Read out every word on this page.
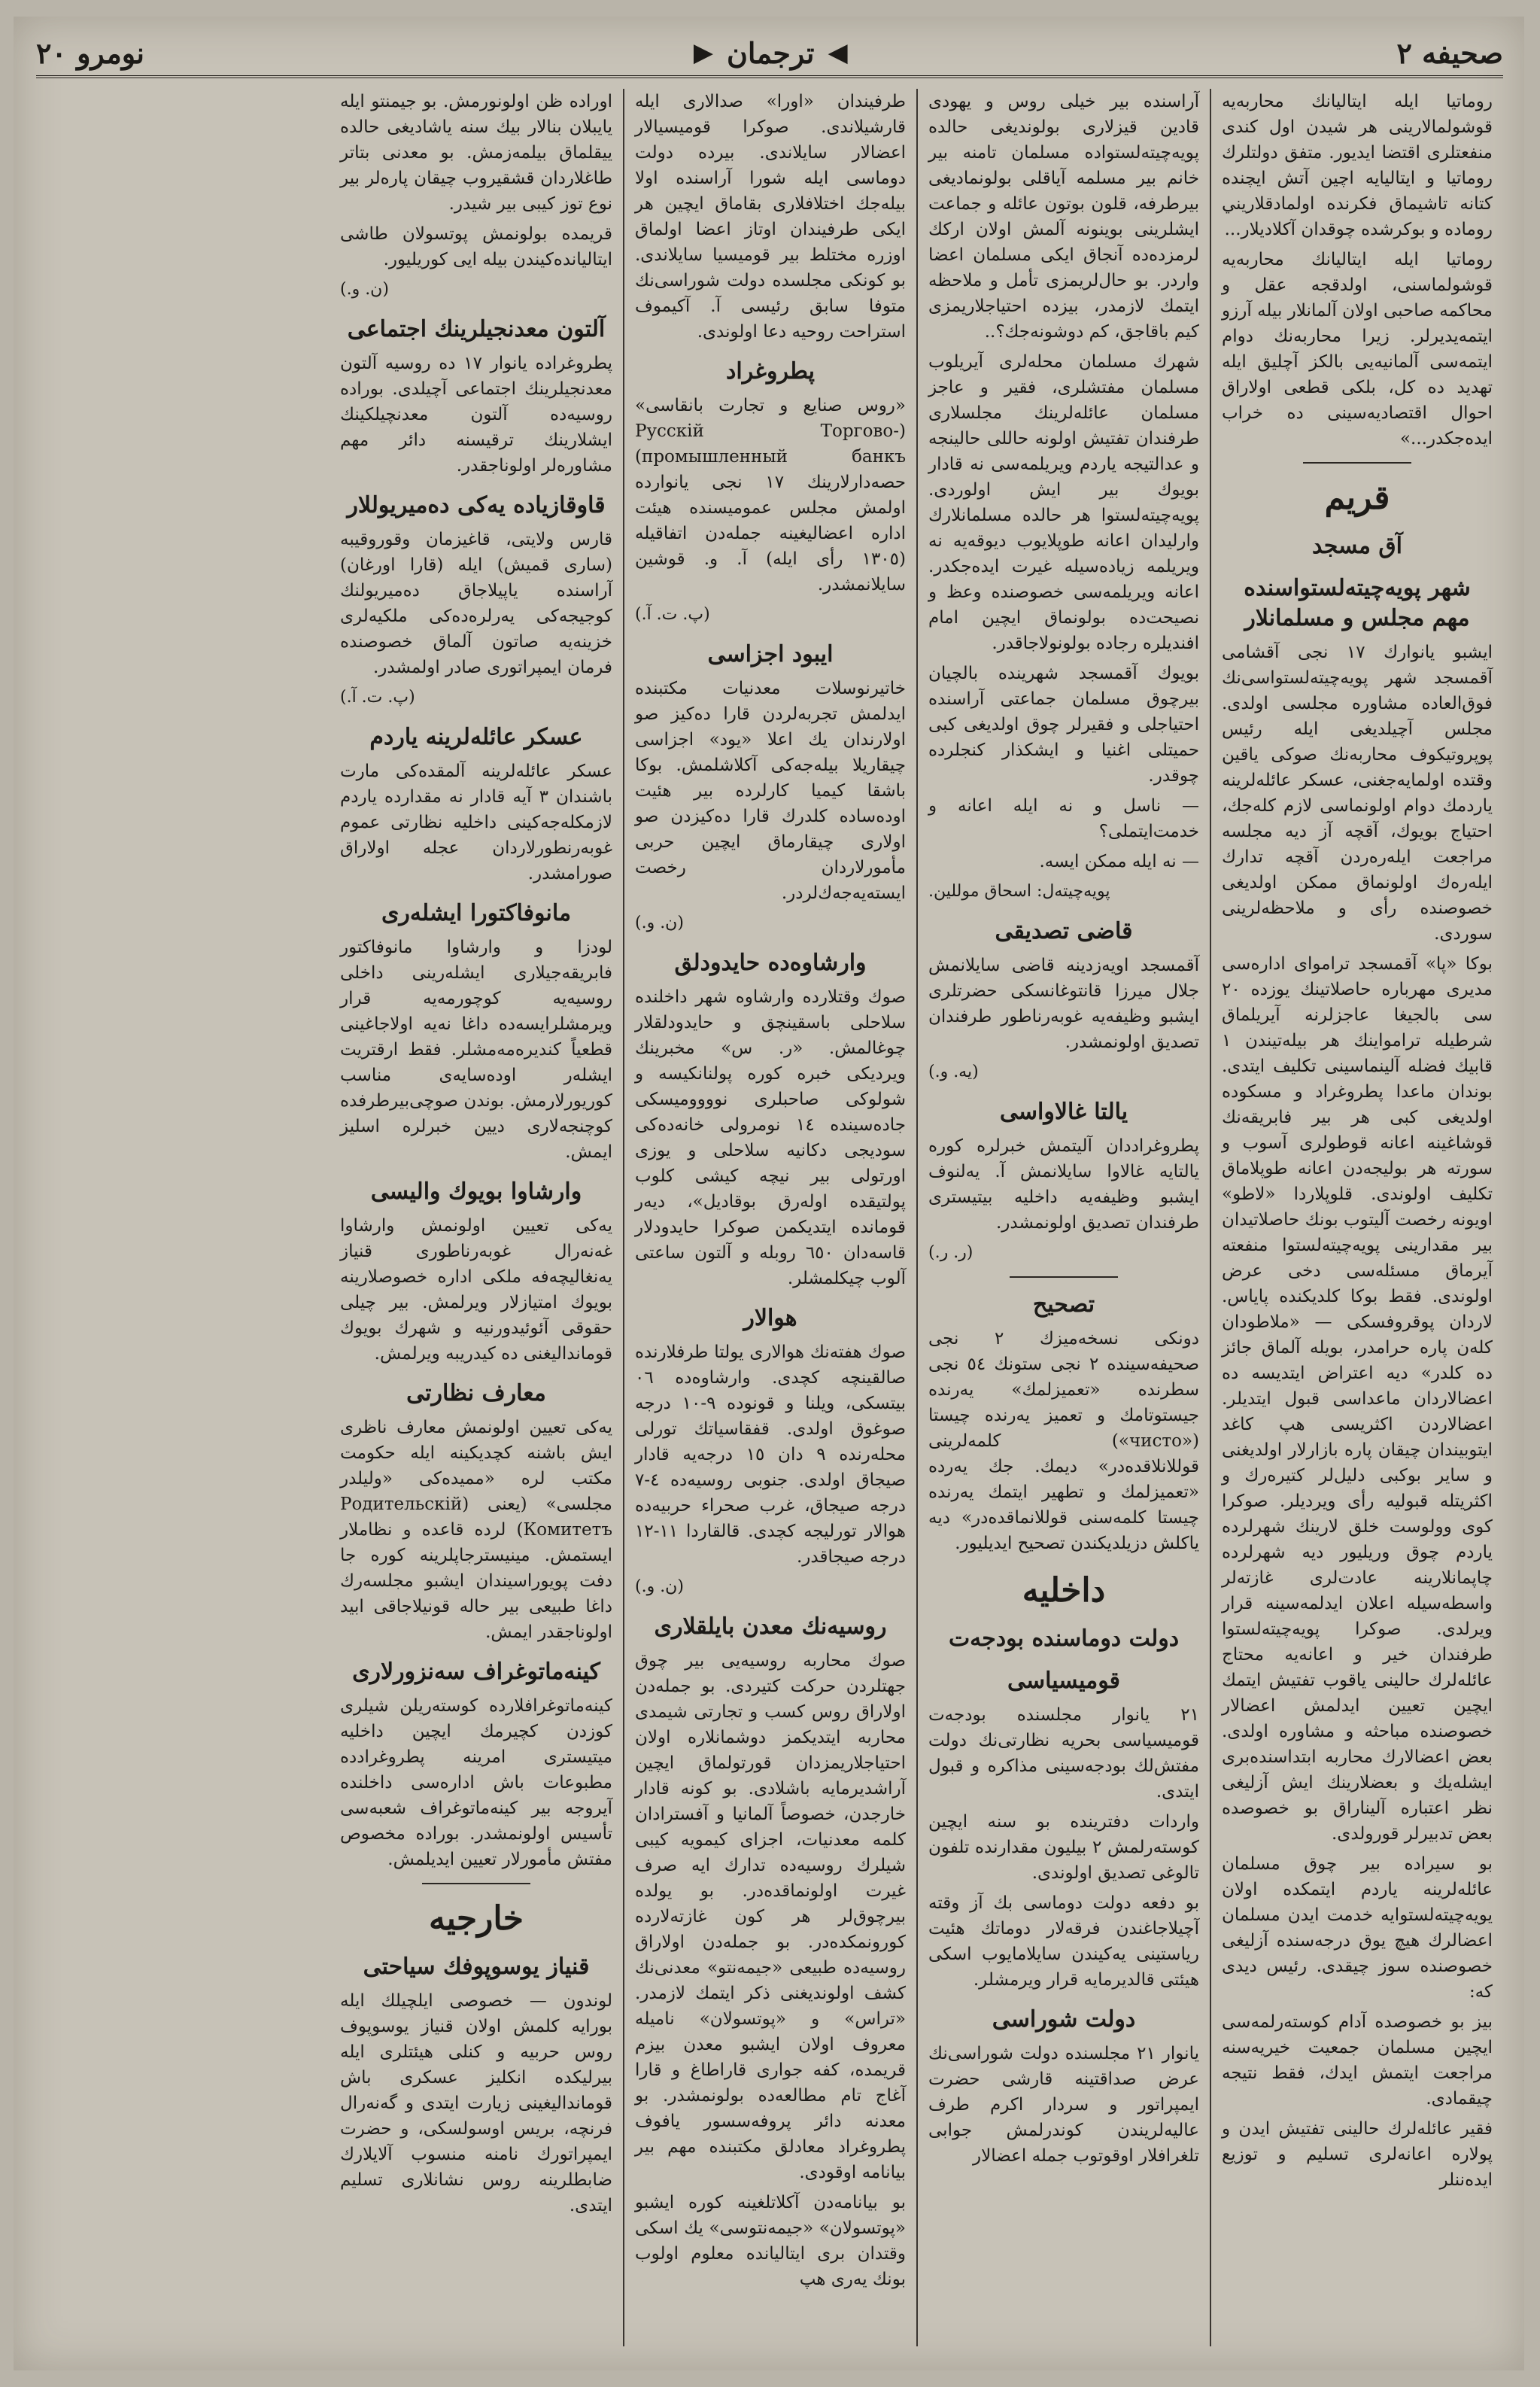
صحيفه ٢
◀
ترجمان
▶
نومرو ٢٠

روماتيا ايله ايتاليانك محاربه‌يه قوشولمالارينى هر شيدن اول كندى منفعتلرى اقتضا ايديور. متفق دولتلرك روماتيا و ايتاليايه اچين آتش ايچنده كتانه تاشيماق فكرنده اولمادقلاريني روماده و بوكرشده چوقدان آكلاديلار...

روماتيا ايله ايتاليانك محاربه‌يه قوشولماسنى، اولدقجه عقل و محاكمه صاحبى اولان آلمانلار بيله آرزو ايتمه‌يديرلر. زيرا محاربه‌نك دوام ايتمه‌سى آلمانيه‌يى بالكز آچليق ايله تهديد ده كل، بلكى قطعى اولاراق احوال اقتصاديه‌سينى ده خراب ايده‌جكدر...»

قريم
آق مسجد
شهر پويه‌چيته‌لستواسنده مهم مجلس و مسلمانلار

ايشبو يانوارك ١٧ نجى آقشامى آقمسجد شهر پويه‌چيته‌لستواسى‌نك فوق‌العاده مشاوره مجلسى اولدى. مجلس آچيلديغى ايله رئيس پوپروتيكوف محاربه‌نك صوكى ياقين وقتده اولمايه‌جغنى، عسكر عائله‌لرينه ياردمك دوام اولونماسى لازم كله‌جك، احتياج بويوك، آقچه آز ديه مجلسه مراجعت ايله‌ره‌ردن آقچه تدارك ايله‌ره‌ك اولونماق ممكن اولديغى خصوصنده رأى و ملاحظه‌لرينى سوردى.

بوكا «پا» آقمسجد ترامواى اداره‌سى مديرى مهرباره حاصلاتينك يوزده ٢٠ سى بالجيغا عاجزلرنه آيريلماق شرطيله ترامواينك هر بيله‌تيندن ١ قابيك فضله آلينماسينى تكليف ايتدى. بوندان ماعدا پطروغراد و مسكوده اولديغى كبى هر بير فابريقه‌نك قوشاغينه اعانه قوطولرى آسوب و سورته هر بوليجه‌دن اعانه طوپلاماق تكليف اولوندى. قلوپلاردا «لاطو» اويونه رخصت آليتوب بونك حاصلاتيدان بير مقدارينى پويه‌چيته‌لستوا منفعته آيرماق مسئله‌سى دخى عرض اولوندى. فقط بوكا كلديكنده پاياس. لاردان پوقروفسكى — «ملاطودان كله‌ن پاره حرامدر، بويله آلماق جائز ده كلدر» ديه اعتراض ايتديسه ده اعضالاردان ماعداسى قبول ايتديلر. اعضالاردن اكثريسى هپ كاغد ايتوبيندان چيقان پاره بازارلار اولديغنى و ساير بوكبى دليل‌لر كتيره‌رك و اكثريتله قبوليه رأى ويرديلر. صوكرا كوى وولوست خلق لارينك شهرلرده ياردم چوق وريليور ديه شهرلرده چاپمانلارينه عادت‌لرى غازته‌لر واسطه‌سيله اعلان ايدلمه‌سينه قرار ويرلدى. صوكرا پويه‌چيته‌لستوا طرفندان خير و اعانه‌يه محتاج عائله‌لرك حالينى ياقوب تفتيش ايتمك ايچين تعيين ايدلمش اعضالار خصوصنده مباحثه و مشاوره اولدى. بعض اعضالارك محاربه ابتداسنده‌برى ايشله‌يك و بعضلارينك ايش آزليغى نظر اعتباره آليناراق بو خصوصده بعض تدبيرلر قورولدى.

بو سيراده بير چوق مسلمان عائله‌لرينه ياردم ايتمكده اولان يويه‌چيته‌لستوايه خدمت ايدن مسلمان اعضالرك هيچ يوق درجه‌سنده آزليغى خصوصنده سوز چيقدى. رئيس ديدى كه:

بيز بو خصوصده آدام كوسته‌رلمه‌سى ايچين مسلمان جمعيت خيريه‌سنه مراجعت ايتمش ايدك، فقط نتيجه چيقمادى.

فقير عائله‌لرك حالينى تفتيش ايدن و پولاره اعانه‌لرى تسليم و توزيع ايده‌ننلر

آراسنده بير خيلى روس و يهودى قادين قيزلارى بولونديغى حالده پويه‌چيته‌لستواده مسلمان تامنه بير خانم بير مسلمه آياقلى بولونماديغى بيرطرفه، قلون بوتون عائله و جماعت ايشلرينى بوينونه آلمش اولان اركك لرمزده‌ده آنجاق ايكى مسلمان اعضا واردر. بو حال‌لريمزى تأمل و ملاحظه ايتمك لازمدر، بيزده احتياجلاريمزى كيم باقاجق، كم دوشونه‌جك؟..

شهرك مسلمان محله‌لرى آيريلوب مسلمان مفتشلرى، فقير و عاجز مسلمان عائله‌لرينك مجلسلارى طرفندان تفتيش اولونه حاللى حالينجه و عدالتيجه ياردم ويريلمه‌سى نه قادار بويوك بير ايش اولوردى. پويه‌چيته‌لستوا هر حالده مسلمانلارك وارليدان اعانه طوپلايوب ديوقه‌يه نه ويريلمه زياده‌سيله غيرت ايده‌جكدر. اعانه ويريلمه‌سى خصوصنده وعظ و نصيحت‌ده بولونماق ايچين امام افنديلره رجاده بولونولاجاقدر.

بويوك آقمسجد شهرينده بالچيان بيرچوق مسلمان جماعتى آراسنده احتياجلى و فقيرلر چوق اولديغى كبى حميتلى اغنيا و ايشكذار كنجلرده چوقدر.

— ناسل و نه ايله اعانه و خدمت‌ايتملى؟

— نه ايله ممكن ايسه.

پويه‌چيته‌ل: اسحاق موللين.

قاضى تصديقى

آقمسجد اويه‌زدينه قاضى سايلانمش جلال ميرزا قانتوغانسكى حضرتلرى ايشبو وظيفه‌يه غوبه‌رناطور طرفندان تصديق اولونمشدر.

(يه. و.)

يالتا غالاواسى

پطروغراددان آليتمش خبرلره كوره يالتايه غالاوا سايلانمش آ. يه‌لنوف ايشبو وظيفه‌يه داخليه بيتيسترى طرفندان تصديق اولونمشدر.

(ر. ر.)

تصحيح

دونكى نسخه‌ميزك ٢ نجى صحيفه‌سينده ٢ نجى ستونك ٥٤ نجى سطرنده «تعميزلمك» يه‌رنده جيستوتامك و تعميز يه‌رنده چيستا («чисто») كلمه‌لرينى قوللانلاقده‌در» ديمك. جك يه‌رده «تعميزلمك و تطهير ايتمك يه‌رنده چيستا كلمه‌سنى قوللانماقده‌در» ديه ياكلش دزيلديكندن تصحيح ايديليور.

داخليه
دولت دوماسنده بودجه‌ت
قوميسياسى

٢١ يانوار مجلسنده بودجه‌ت قوميسياسى بحريه نظارتى‌نك دولت مفتش‌لك بودجه‌سينى مذاكره و قبول ايتدى.

واردات دفترينده بو سنه ايچين كوسته‌رلمش ٢ بيليون مقدارنده تلفون تالوغى تصديق اولوندى.

بو دفعه دولت دوماسى بك آز وقته آچيلاجاغندن فرقه‌لار دوماتك هئيت رياستينى يه‌كيندن سايلامايوب اسكى هيئتى قالديرمايه قرار ويرمشلر.

دولت شوراسى

يانوار ٢١ مجلسنده دولت شوراسى‌نك عرض صداقتينه قارشى حضرت ايمپراتور و سردار اكرم طرف عاليه‌لريندن كوندرلمش جوابى تلغرافلار اوقوتوب جمله اعضالار

طرفيندان «اورا» صدالارى ايله قارشيلاندى. صوكرا قوميسيالار اعضالار سايلاندى. بيرده دولت دوماسى ايله شورا آراسنده اولا بيله‌جك اختلافلارى بقاماق ايچين هر ايكى طرفيندان اوتاز اعضا اولماق اوزره مختلط بير قوميسيا سايلاندى. بو كونكى مجلسده دولت شوراسى‌نك متوفا سابق رئيسى آ. آكيموف استراحت روحيه دعا اولوندى.

پطروغراد

«روس صنايع و تجارت بانقاسى» (Русскiй Торгово-промышленный банкъ) حصه‌دارلارينك ١٧ نجى يانوارده اولمش مجلس عموميسنده هيئت اداره اعضاليغينه جمله‌دن اتفاقيله (١٣٠٥ رأى ايله) آ. و. قوشين سايلانمشدر.

(پ. ت. آ.)

ايبود اجزاسى

خاتيرنوسلات معدنيات مكتبنده ايدلمش تجربه‌لردن قارا ده‌كيز صو اولارندان يك اعلا «يود» اجزاسى چيقاريلا بيله‌جه‌كى آكلاشلمش. بوكا باشقا كيميا كارلرده بير هئيت اوده‌ساده كلدرك قارا ده‌كيزدن صو اولارى چيقارماق ايچين حربى مأمورلاردان رخصت ايسته‌يه‌جه‌ك‌لردر.

(ن. و.)

وارشاوه‌ده حايدودلق

صوك وقتلارده وارشاوه شهر داخلنده سلاحلى باسقينچق و حايدودلقلار چوغالمش. «ر. س» مخبرينك ويرديكى خبره كوره پولنانكيسه و شولوكى صاحبلرى نووووميسكى جاده‌سينده ١٤ نومرولى خانه‌ده‌كى سوديجى دكانيه سلاحلى و يوزى اورتولى بير نيچه كيشى كلوب پولتيقده اوله‌رق بوقاديل»، ديه‌ر قومانده ايتديكمن صوكرا حايدودلار قاسه‌دان ٦٥٠ روبله و آلتون ساعتى آلوب چيكلمشلر.

هوالار

صوك هفته‌نك هوالارى يولتا طرفلارنده صالقينچه كچدى. وارشاوه‌ده ٠٦ بيتسكى، ويلنا و قونوده ٩-١٠ درجه صوغوق اولدى. قفقاسياتك تورلى محله‌رنده ٩ دان ١٥ درجه‌يه قادار صيجاق اولدى. جنوبى روسيه‌ده ٤-٧ درجه صيجاق، غرب صحراء حربيه‌ده هوالار تورليجه كچدى. قالقاردا ١١-١٢ درجه صيجاقدر.

(ن. و.)

روسيه‌نك معدن بايلقلارى

صوك محاربه روسيه‌يى بير چوق جهتلردن حركت كتيردى. بو جمله‌دن اولاراق روس كسب و تجارتى شيمدى محاربه ايتديكمز دوشمانلاره اولان احتياجلاريمزدان قورتولماق ايچين آراشديرمايه باشلادى. بو كونه قادار خارجدن، خصوصاً آلمانيا و آفسترادان كلمه معدنيات، اجزاى كيمويه كيبى شيلرك روسيه‌ده تدارك ايه صرف غيرت اولونماقده‌در. بو يولده بيرچوق‌لر هر كون غازته‌لارده كورونمكده‌در. بو جمله‌دن اولاراق روسيه‌ده طبيعى «جيمه‌نتو» معدنى‌نك كشف اولونديغنى ذكر ايتمك لازمدر. «تراس» و «پوتسولان» ناميله معروف اولان ايشبو معدن بيزم قريمده، كفه جوارى قاراطاغ و قارا آغاج تام مطالعه‌ده بولونمشدر. بو معدنه دائر پروفه‌سسور يافوف پطروغراد معادلق مكتبنده مهم بير بيانامه اوقودى.

بو بيانامه‌دن آكلاتلغينه كوره ايشبو «پوتسولان» «جيمه‌نتوسى» يك اسكى وقتدان برى ايتاليانده معلوم اولوب بونك يه‌رى هپ

اوراده ظن اولونورمش. بو جيمنتو ايله يايبلان بنالار بيك سنه ياشاديغى حالده ييقلماق بيلمه‌زمش. بو معدنى بتاتر طاغلاردان قشقيروب چيقان پاره‌لر بير نوع توز كيبى بير شيدر.

قريمده بولونمش پوتسولان طاشى ايتاليانده‌كيندن بيله ايى كوريليور.

(ن. و.)

آلتون معدنجيلرينك اجتماعى

پطروغراده يانوار ١٧ ده روسيه آلتون معدنجيلرينك اجتماعى آچيلدى. بوراده روسيه‌ده آلتون معدنچيلكينك ايشلارينك ترقيسنه دائر مهم مشاوره‌لر اولوناجقدر.

قاوقازياده يه‌كى ده‌ميريوللار

قارس ولايتى، قاغيزمان وقوروقيبه (سارى قميش) ايله (قارا اورغان) آراسنده ياپيلاجاق ده‌ميريولنك كوجيجه‌كى يه‌رلره‌ده‌كى ملكيه‌لرى خزينه‌يه صاتون آلماق خصوصنده فرمان ايمپراتورى صادر اولمشدر.

(پ. ت. آ.)

عسكر عائله‌لرينه ياردم

عسكر عائله‌لرينه آلمقده‌كى مارت باشندان ٣ آيه قادار نه مقدارده ياردم لازمكله‌جه‌كينى داخليه نظارتى عموم غوبه‌رنطورلاردان عجله اولاراق صورامشدر.

مانوفاكتورا ايشله‌رى

لودزا و وارشاوا مانوفاكتور فابريقه‌جيلارى ايشله‌رينى داخلى روسيه‌يه كوچورمه‌يه قرار ويرمشلرايسه‌ده داغا نه‌يه اولاجاغينى قطعياً كنديره‌مه‌مشلر. فقط ارقتريت ايشله‌ر اوده‌سايه‌ى مناسب كوريورلارمش. بوندن صوچى‌بيرطرفده كوچنجه‌لارى ديين خبرلره اسليز ايمش.

وارشاوا بويوك واليسى

يه‌كى تعيين اولونمش وارشاوا غه‌نه‌رال غوبه‌رناطورى قنياز يه‌نغاليچه‌فه ملكى اداره خصوصلارينه بويوك امتيازلار ويرلمش. بير چيلى حقوقى آئوئيدورنيه و شهرك بويوك قومانداليغنى ده كيدريبه ويرلمش.

معارف نظارتى

يه‌كى تعيين اولونمش معارف ناظرى ايش باشنه كچديكينه ايله حكومت مكتب لره «مميده‌كى «وليلدر مجلسى» (يعنى (Родительскiй Комитетъ) لرده قاعده و نظاملار ايستمش. مينيسترجاپلرينه كوره جا دفت پويوراسيندان ايشبو مجلسه‌رك داغا طبيعى بير حاله قونيلاجاقى ابيد اولوناجقدر ايمش.

كينه‌ماتوغراف سه‌نزورلارى

كينه‌ماتوغرافلارده كوسته‌ريلن شيلرى كوزدن كچيرمك ايچين داخليه ميتيسترى امرينه پطروغرادده مطبوعات باش اداره‌سى داخلنده آيروجه بير كينه‌ماتوغراف شعبه‌سى تأسيس اولونمشدر. بوراده مخصوص مفتش مأمورلار تعيين ايديلمش.

خارجيه
قنياز يوسوپوفك سياحتى

لوندون — خصوصى ايلچيلك ايله بورايه كلمش اولان قنياز يوسوپوف روس حربيه و كنلى هيئتلرى ايله بيرليكده انكليز عسكرى باش قومانداليغينى زيارت ايتدى و گه‌نه‌رال فرنچه، بريس اوسولسكى، و حضرت ايمپراتورك نامنه منسوب آلايلارك ضابطلرينه روس نشانلارى تسليم ايتدى.
